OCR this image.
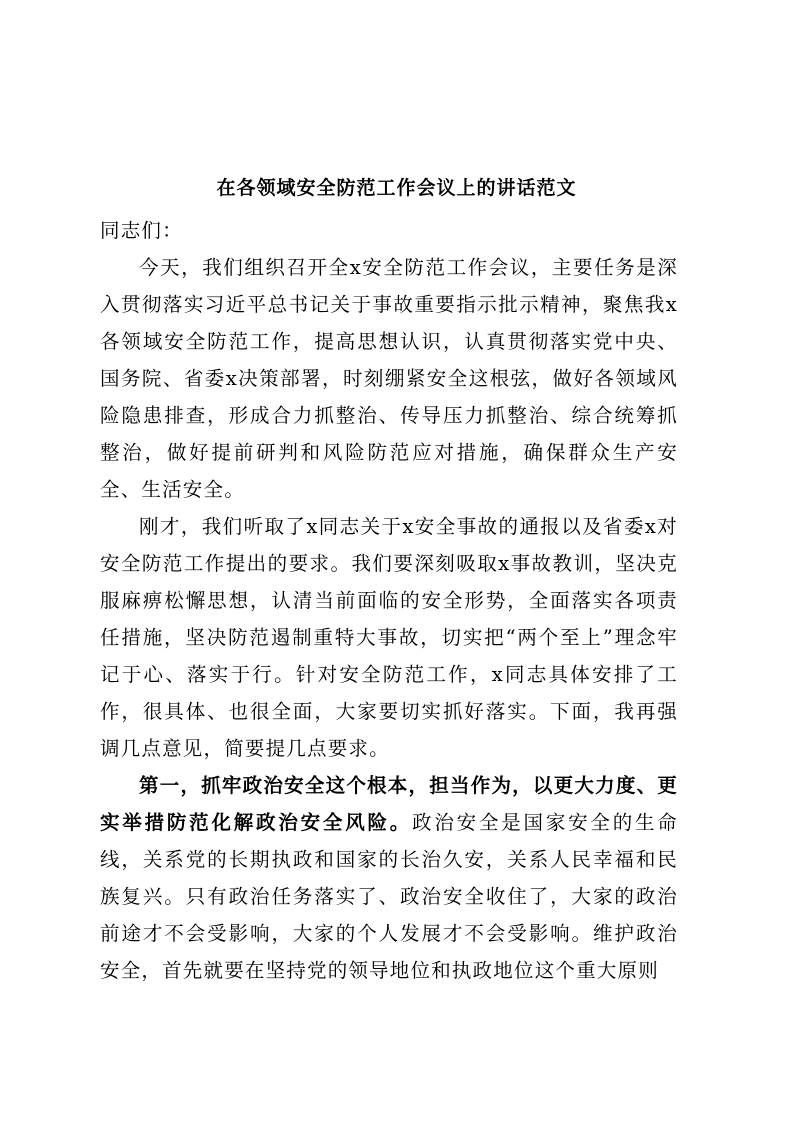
在各领域安全防范工作会议上的讲话范文

同志们：

今天，我们组织召开全x安全防范工作会议，主要任务是深入贯彻落实习近平总书记关于事故重要指示批示精神，聚焦我x各领域安全防范工作，提高思想认识，认真贯彻落实党中央、国务院、省委x决策部署，时刻绷紧安全这根弦，做好各领域风险隐患排查，形成合力抓整治、传导压力抓整治、综合统筹抓整治，做好提前研判和风险防范应对措施，确保群众生产安全、生活安全。

刚才，我们听取了x同志关于x安全事故的通报以及省委x对安全防范工作提出的要求。我们要深刻吸取x事故教训，坚决克服麻痹松懈思想，认清当前面临的安全形势，全面落实各项责任措施，坚决防范遏制重特大事故，切实把“两个至上”理念牢记于心、落实于行。针对安全防范工作，x同志具体安排了工作，很具体、也很全面，大家要切实抓好落实。下面，我再强调几点意见，简要提几点要求。

第一，抓牢政治安全这个根本，担当作为，以更大力度、更实举措防范化解政治安全风险。政治安全是国家安全的生命线，关系党的长期执政和国家的长治久安，关系人民幸福和民族复兴。只有政治任务落实了、政治安全收住了，大家的政治前途才不会受影响，大家的个人发展才不会受影响。维护政治安全，首先就要在坚持党的领导地位和执政地位这个重大原则
